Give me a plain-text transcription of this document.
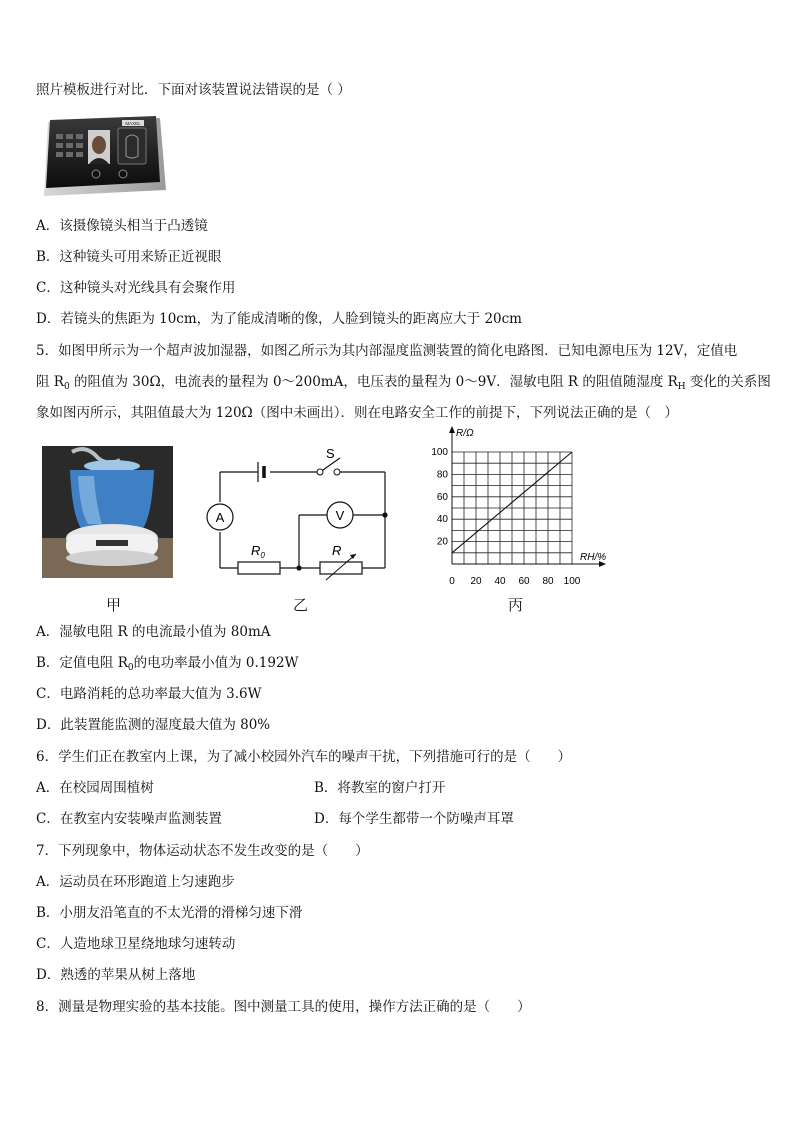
照片模板进行对比．下面对该装置说法错误的是（ ）
MAXEL
A．该摄像镜头相当于凸透镜
B．这种镜头可用来矫正近视眼
C．这种镜头对光线具有会聚作用
D．若镜头的焦距为 10cm，为了能成清晰的像，人脸到镜头的距离应大于 20cm
5．如图甲所示为一个超声波加湿器，如图乙所示为其内部湿度监测装置的简化电路图．已知电源电压为 12V，定值电
阻 $R_0$ 的阻值为 30Ω，电流表的量程为 0～200mA，电压表的量程为 0～9V．湿敏电阻 R 的阻值随湿度 $R_H$ 变化的关系图
象如图丙所示，其阻值最大为 120Ω（图中未画出）．则在电路安全工作的前提下，下列说法正确的是（　）
甲
S
A	V
$R_0$	R
乙
0 20 40 60 80 100
20
40
60
80
100
R/Ω
RH/%
丙
A．湿敏电阻 R 的电流最小值为 80mA
B．定值电阻 $R_0$的电功率最小值为 0.192W
C．电路消耗的总功率最大值为 3.6W
D．此装置能监测的湿度最大值为 80%
6．学生们正在教室内上课，为了减小校园外汽车的噪声干扰，下列措施可行的是（　　）
A．在校园周围植树	B．将教室的窗户打开
C．在教室内安装噪声监测装置	D．每个学生都带一个防噪声耳罩
7．下列现象中，物体运动状态不发生改变的是（　　）
A．运动员在环形跑道上匀速跑步
B．小朋友沿笔直的不太光滑的滑梯匀速下滑
C．人造地球卫星绕地球匀速转动
D．熟透的苹果从树上落地
8．测量是物理实验的基本技能。图中测量工具的使用，操作方法正确的是（　　）
